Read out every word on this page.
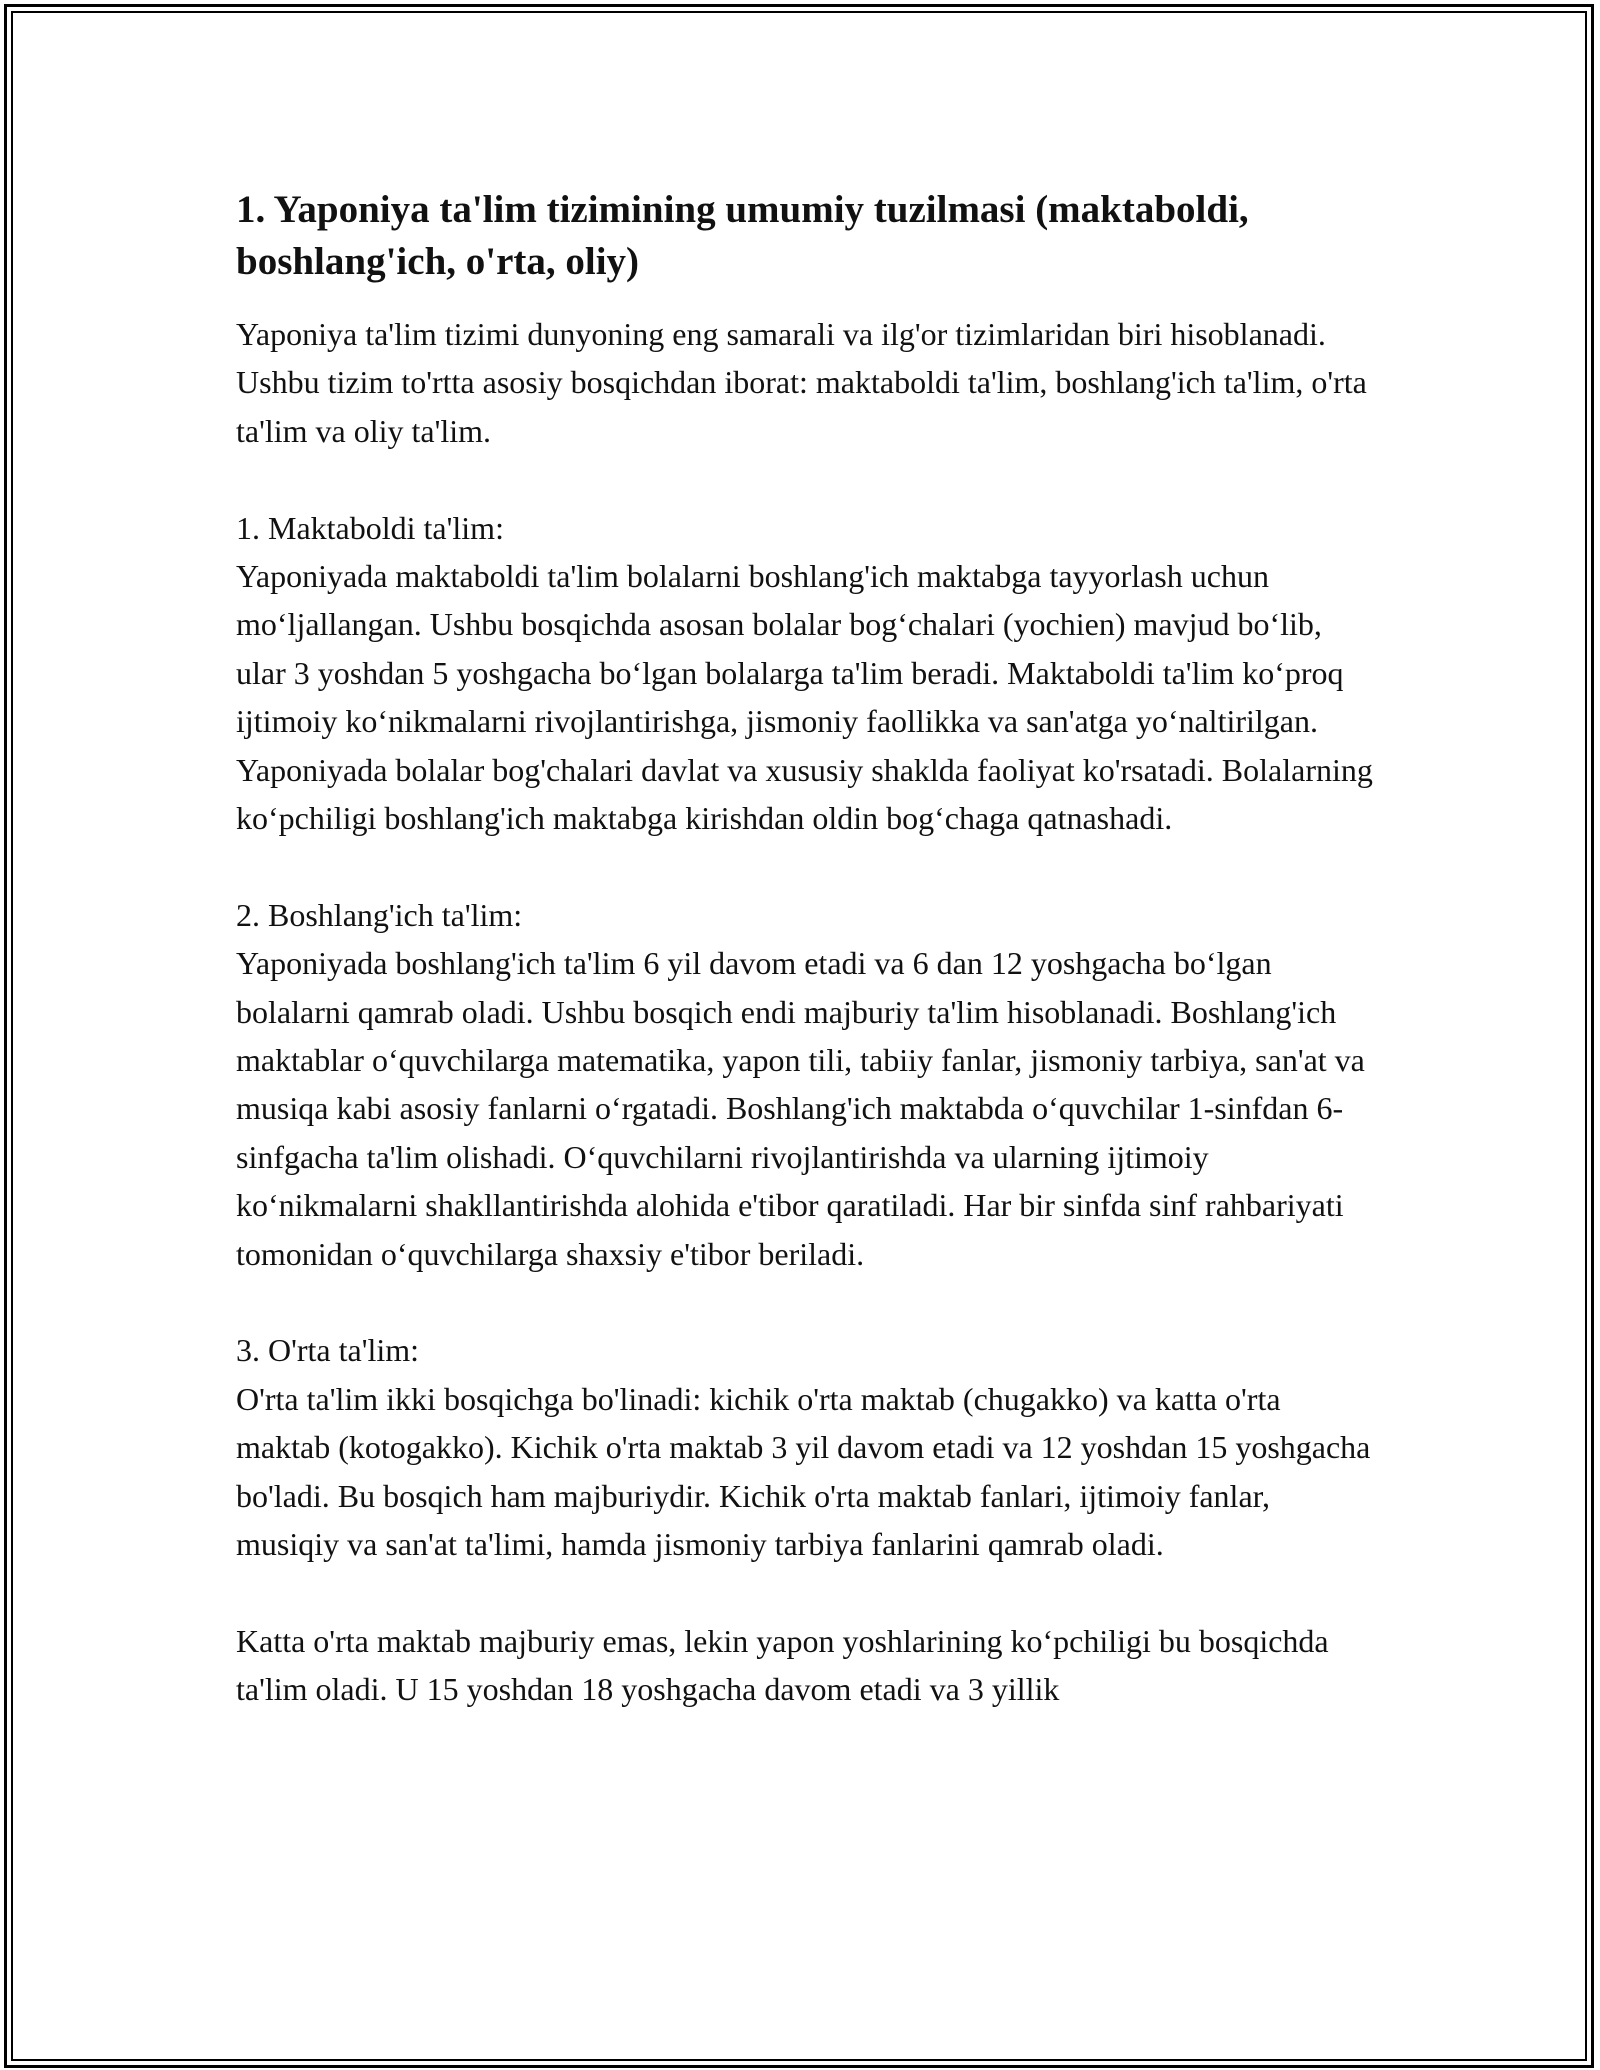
1. Yaponiya ta'lim tizimining umumiy tuzilmasi (maktaboldi, boshlang'ich, o'rta, oliy)

Yaponiya ta'lim tizimi dunyoning eng samarali va ilg'or tizimlaridan biri hisoblanadi. Ushbu tizim to'rtta asosiy bosqichdan iborat: maktaboldi ta'lim, boshlang'ich ta'lim, o'rta ta'lim va oliy ta'lim.

1. Maktaboldi ta'lim:

Yaponiyada maktaboldi ta'lim bolalarni boshlang'ich maktabga tayyorlash uchun moʻljallangan. Ushbu bosqichda asosan bolalar bogʻchalari (yochien) mavjud boʻlib, ular 3 yoshdan 5 yoshgacha boʻlgan bolalarga ta'lim beradi. Maktaboldi ta'lim koʻproq ijtimoiy koʻnikmalarni rivojlantirishga, jismoniy faollikka va san'atga yoʻnaltirilgan. Yaponiyada bolalar bog'chalari davlat va xususiy shaklda faoliyat ko'rsatadi. Bolalarning koʻpchiligi boshlang'ich maktabga kirishdan oldin bogʻchaga qatnashadi.

2. Boshlang'ich ta'lim:

Yaponiyada boshlang'ich ta'lim 6 yil davom etadi va 6 dan 12 yoshgacha boʻlgan bolalarni qamrab oladi. Ushbu bosqich endi majburiy ta'lim hisoblanadi. Boshlang'ich maktablar oʻquvchilarga matematika, yapon tili, tabiiy fanlar, jismoniy tarbiya, san'at va musiqa kabi asosiy fanlarni oʻrgatadi. Boshlang'ich maktabda oʻquvchilar 1-sinfdan 6-sinfgacha ta'lim olishadi. Oʻquvchilarni rivojlantirishda va ularning ijtimoiy koʻnikmalarni shakllantirishda alohida e'tibor qaratiladi. Har bir sinfda sinf rahbariyati tomonidan oʻquvchilarga shaxsiy e'tibor beriladi.

3. O'rta ta'lim:

O'rta ta'lim ikki bosqichga bo'linadi: kichik o'rta maktab (chugakko) va katta o'rta maktab (kotogakko). Kichik o'rta maktab 3 yil davom etadi va 12 yoshdan 15 yoshgacha bo'ladi. Bu bosqich ham majburiydir. Kichik o'rta maktab fanlari, ijtimoiy fanlar, musiqiy va san'at ta'limi, hamda jismoniy tarbiya fanlarini qamrab oladi.

Katta o'rta maktab majburiy emas, lekin yapon yoshlarining koʻpchiligi bu bosqichda ta'lim oladi. U 15 yoshdan 18 yoshgacha davom etadi va 3 yillik
